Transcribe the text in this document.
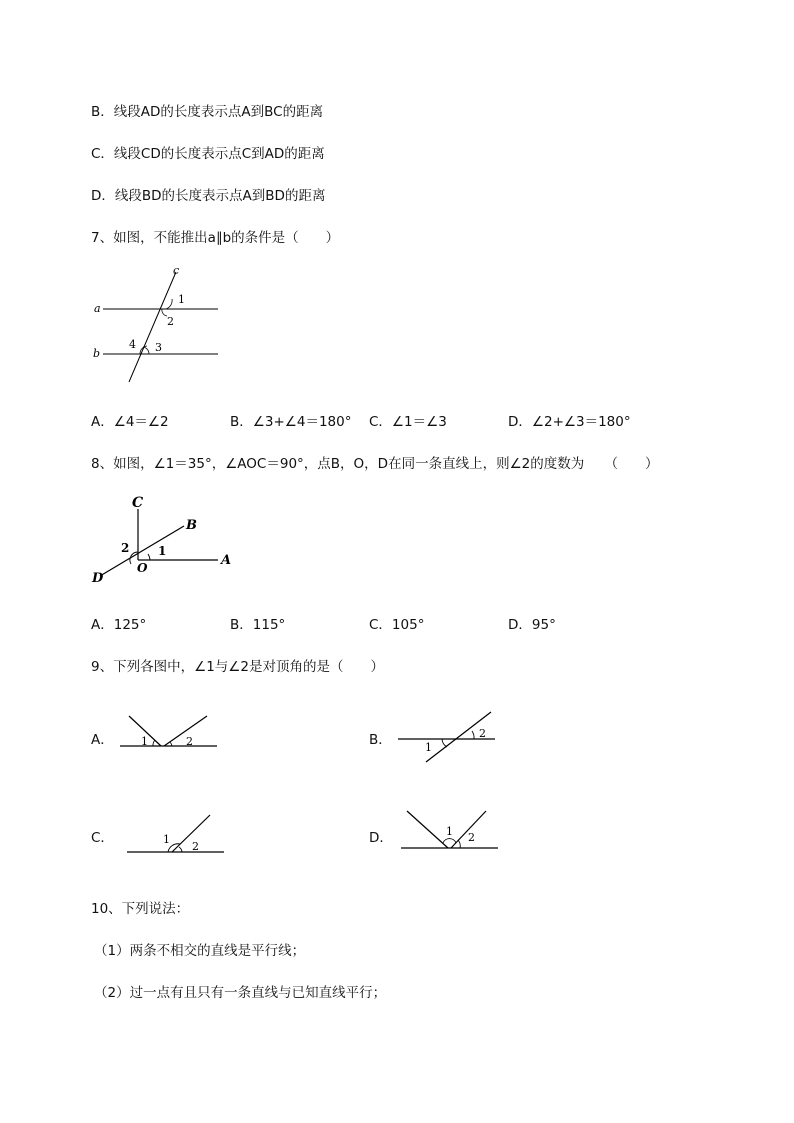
B．线段AD的长度表示点A到BC的距离
C．线段CD的长度表示点C到AD的距离
D．线段BD的长度表示点A到BD的距离
7、如图，不能推出a∥b的条件是（　　）
a
b
c
1
2
3
4
A．∠4＝∠2	B．∠3+∠4＝180° C．∠1＝∠3	D．∠2+∠3＝180°
8、如图，∠1＝35°，∠AOC＝90°，点B，O，D在同一条直线上，则∠2的度数为　　（　　）
C
B
A
D
O
1
2
A．125°	B．115°	C．105°	D．95°
9、下列各图中，∠1与∠2是对顶角的是（　　）
A． 1	2	B．	1
2
C．	1
2
D．	1 2
10、下列说法：
（1）两条不相交的直线是平行线；
（2）过一点有且只有一条直线与已知直线平行；
